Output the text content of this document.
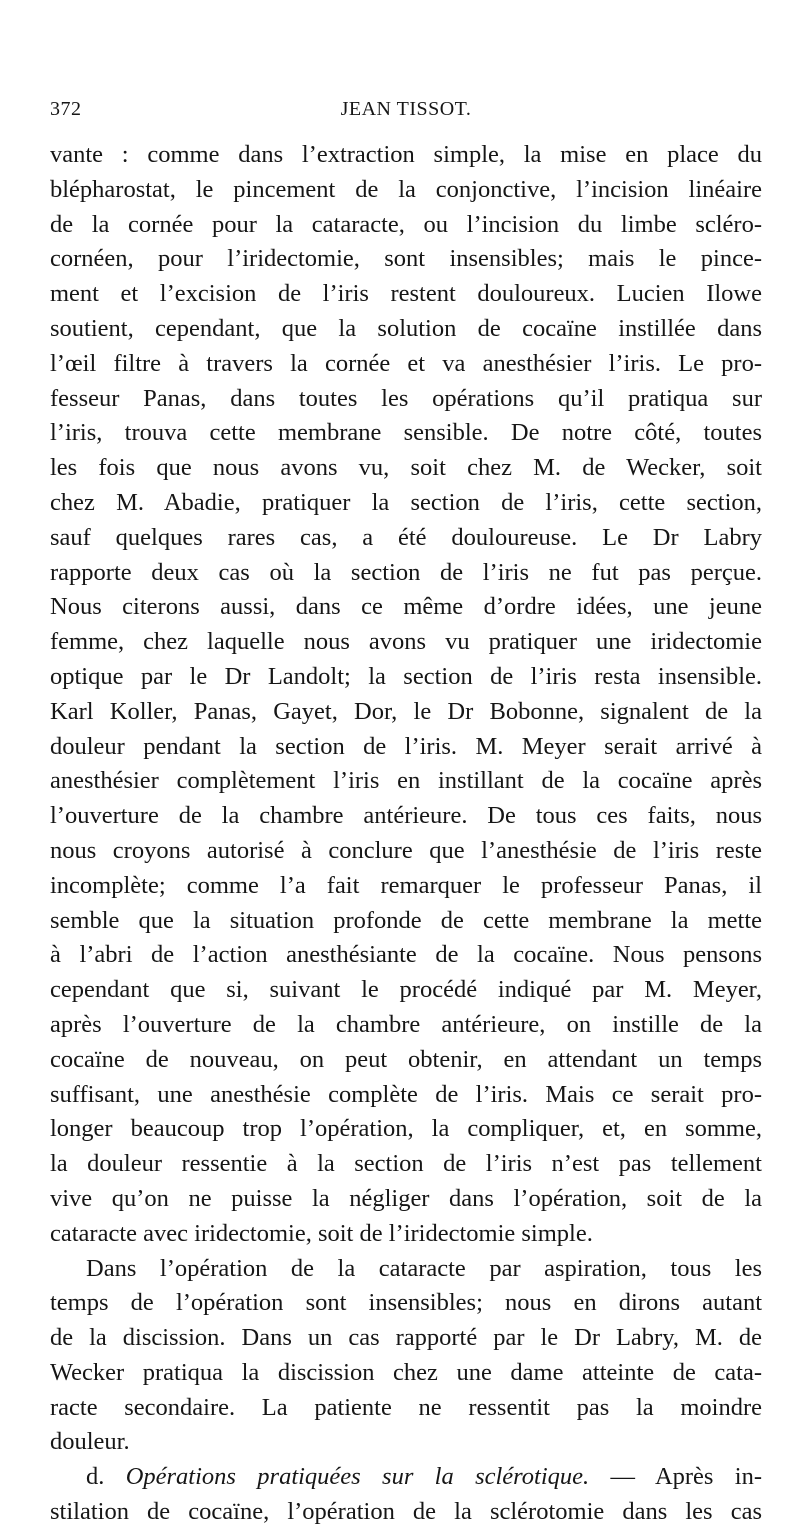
372	JEAN TISSOT.
vante : comme dans l’extraction simple, la mise en place du
blépharostat, le pincement de la conjonctive, l’incision linéaire
de la cornée pour la cataracte, ou l’incision du limbe scléro-
cornéen, pour l’iridectomie, sont insensibles; mais le pince-
ment et l’excision de l’iris restent douloureux. Lucien Ilowe
soutient, cependant, que la solution de cocaïne instillée dans
l’œil filtre à travers la cornée et va anesthésier l’iris. Le pro-
fesseur Panas, dans toutes les opérations qu’il pratiqua sur
l’iris, trouva cette membrane sensible. De notre côté, toutes
les fois que nous avons vu, soit chez M. de Wecker, soit
chez M. Abadie, pratiquer la section de l’iris, cette section,
sauf quelques rares cas, a été douloureuse. Le Dr Labry
rapporte deux cas où la section de l’iris ne fut pas perçue.
Nous citerons aussi, dans ce même d’ordre idées, une jeune
femme, chez laquelle nous avons vu pratiquer une iridectomie
optique par le Dr Landolt; la section de l’iris resta insensible.
Karl Koller, Panas, Gayet, Dor, le Dr Bobonne, signalent de la
douleur pendant la section de l’iris. M. Meyer serait arrivé à
anesthésier complètement l’iris en instillant de la cocaïne après
l’ouverture de la chambre antérieure. De tous ces faits, nous
nous croyons autorisé à conclure que l’anesthésie de l’iris reste
incomplète; comme l’a fait remarquer le professeur Panas, il
semble que la situation profonde de cette membrane la mette
à l’abri de l’action anesthésiante de la cocaïne. Nous pensons
cependant que si, suivant le procédé indiqué par M. Meyer,
après l’ouverture de la chambre antérieure, on instille de la
cocaïne de nouveau, on peut obtenir, en attendant un temps
suffisant, une anesthésie complète de l’iris. Mais ce serait pro-
longer beaucoup trop l’opération, la compliquer, et, en somme,
la douleur ressentie à la section de l’iris n’est pas tellement
vive qu’on ne puisse la négliger dans l’opération, soit de la
cataracte avec iridectomie, soit de l’iridectomie simple.
Dans l’opération de la cataracte par aspiration, tous les
temps de l’opération sont insensibles; nous en dirons autant
de la discission. Dans un cas rapporté par le Dr Labry, M. de
Wecker pratiqua la discission chez une dame atteinte de cata-
racte secondaire. La patiente ne ressentit pas la moindre
douleur.
d. Opérations pratiquées sur la sclérotique. — Après in-
stilation de cocaïne, l’opération de la sclérotomie dans les cas
